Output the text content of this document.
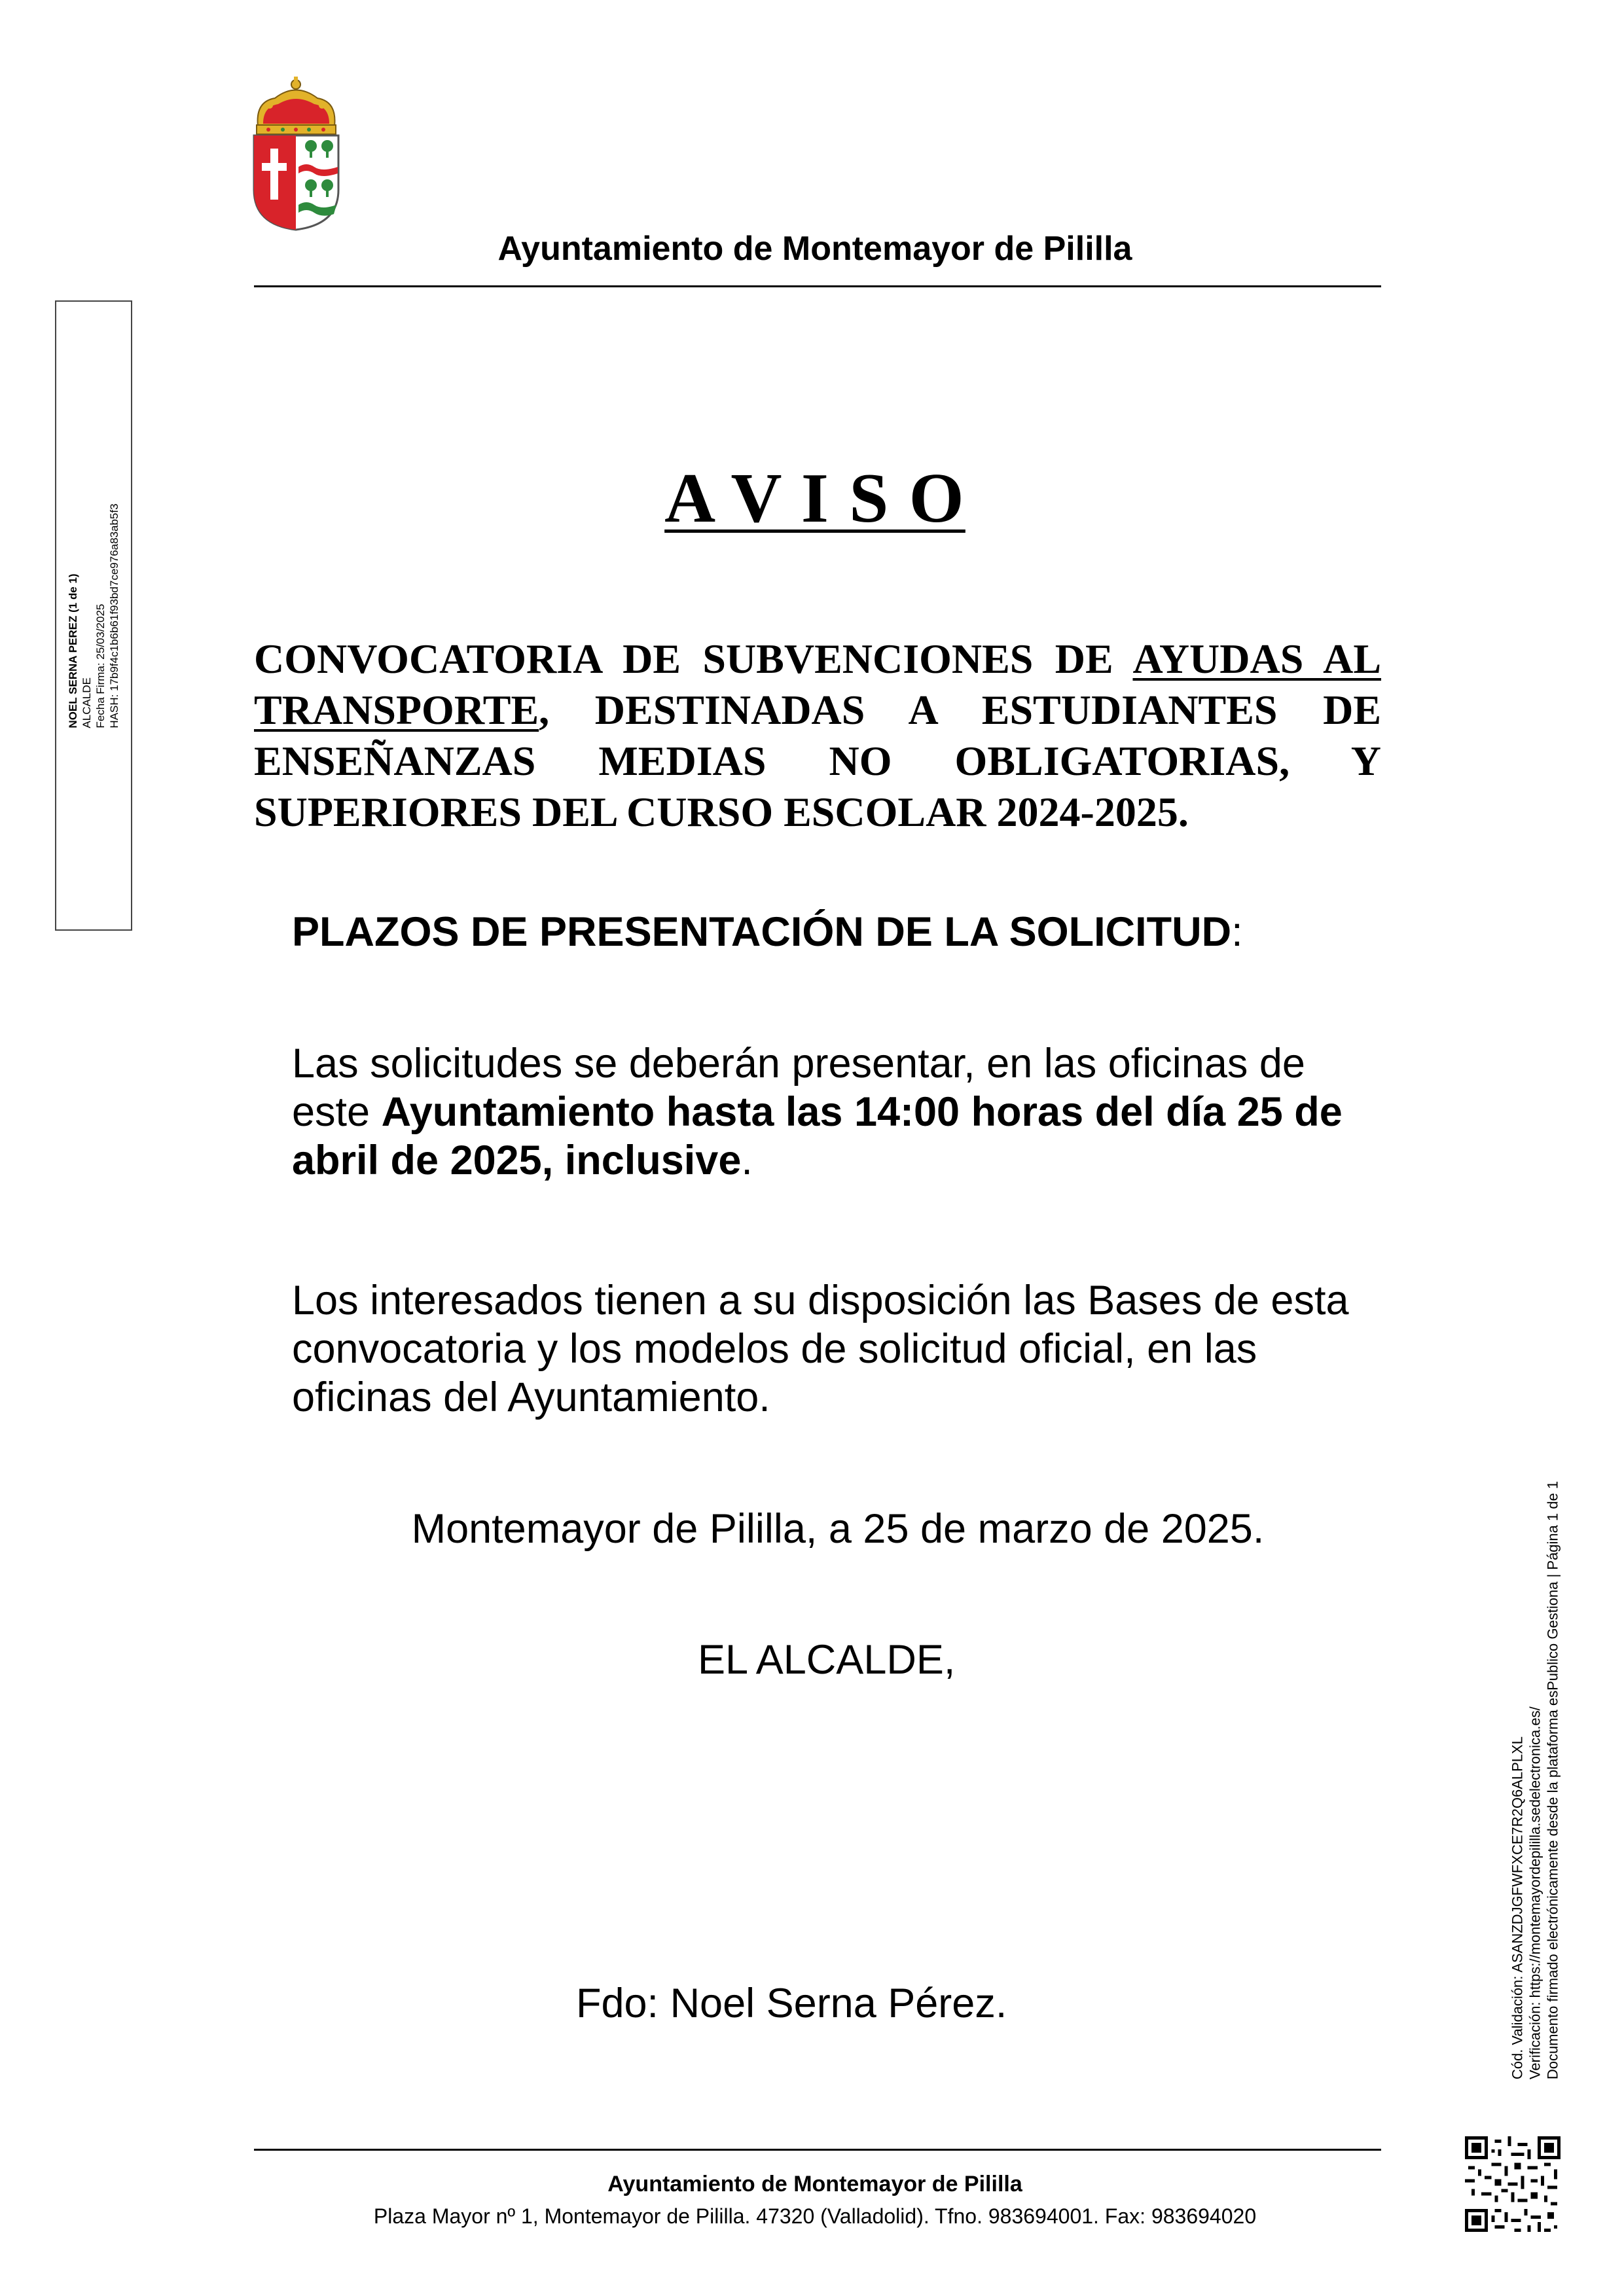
Ayuntamiento de Montemayor de Pililla
A V I S O
CONVOCATORIA DE SUBVENCIONES DE AYUDAS AL TRANSPORTE, DESTINADAS A ESTUDIANTES DE ENSEÑANZAS MEDIAS NO OBLIGATORIAS, Y SUPERIORES DEL CURSO ESCOLAR 2024-2025.
PLAZOS DE PRESENTACIÓN DE LA SOLICITUD:
Las solicitudes se deberán presentar, en las oficinas de este Ayuntamiento hasta las 14:00 horas del día 25 de abril de 2025, inclusive.
Los interesados tienen a su disposición las Bases de esta convocatoria y los modelos de solicitud oficial, en las oficinas del Ayuntamiento.
Montemayor de Pililla, a 25 de marzo de 2025.
EL ALCALDE,
Fdo: Noel Serna Pérez.
Ayuntamiento de Montemayor de Pililla
Plaza Mayor nº 1, Montemayor de Pililla. 47320 (Valladolid). Tfno. 983694001. Fax: 983694020
NOEL SERNA PEREZ (1 de 1) ALCALDE Fecha Firma: 25/03/2025 HASH: 17b9f4c1b6b61f93bd7ce976a83ab5f3
Cód. Validación: ASANZDJGFWFXCE7R2Q6ALPLXL Verificación: https://montemayordepililla.sedelectronica.es/ Documento firmado electrónicamente desde la plataforma esPublico Gestiona | Página 1 de 1
